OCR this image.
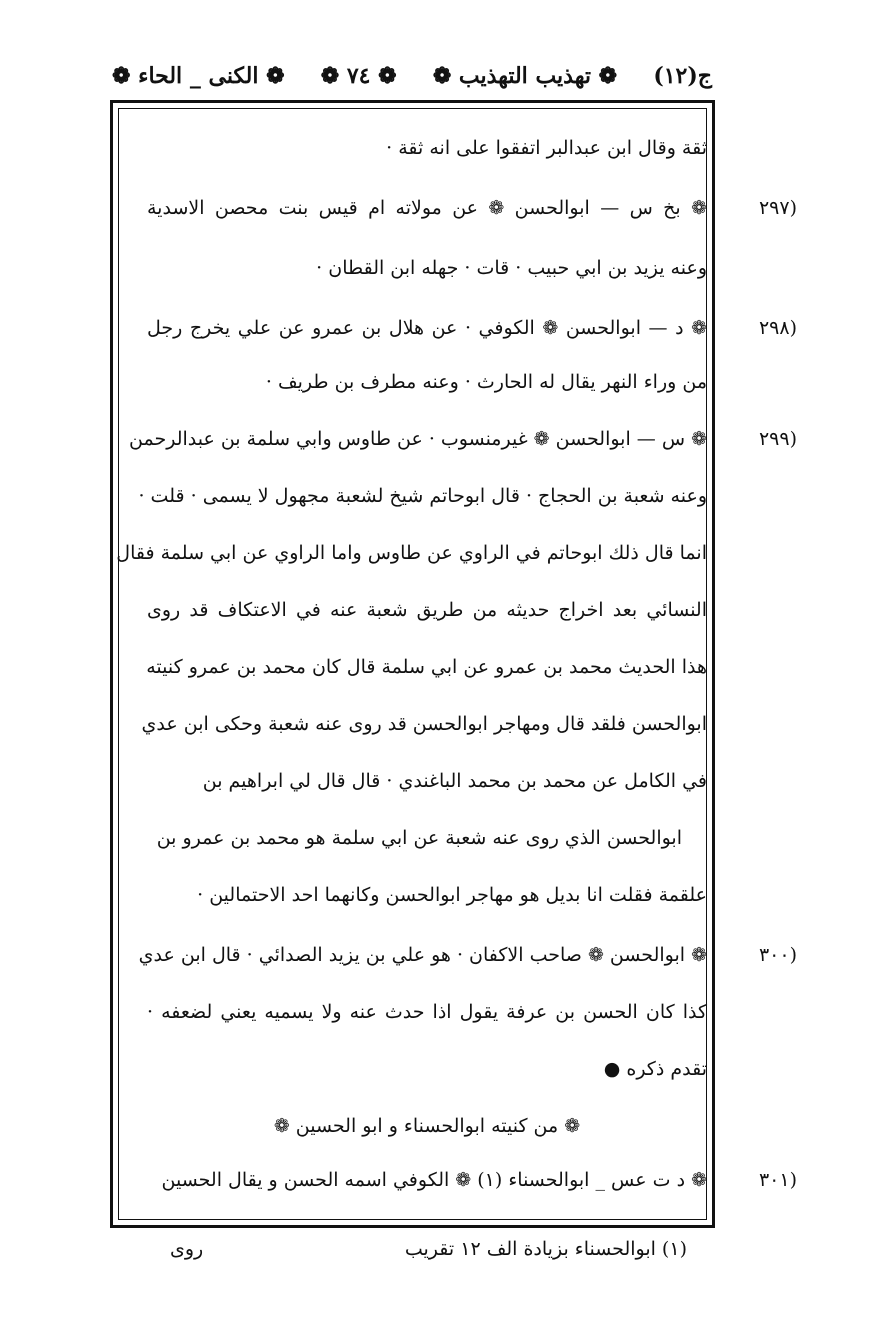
ج(١٢)
❁ تهذيب التهذيب ❁
❁ ٧٤ ❁
❁ الكنى _ الحاء ❁
ثقة وقال ابن عبدالبر اتفقوا على انه ثقة ·
❁ بخ س — ابوالحسن ❁ عن مولاته ام قيس بنت محصن الاسدية	(٢٩٧
وعنه يزيد بن ابي حبيب · قات · جهله ابن القطان ·
❁ د — ابوالحسن ❁ الكوفي · عن هلال بن عمرو عن علي يخرج رجل	(٢٩٨
من وراء النهر يقال له الحارث · وعنه مطرف بن طريف ·
❁ س — ابوالحسن ❁ غيرمنسوب · عن طاوس وابي سلمة بن عبدالرحمن	(٢٩٩
وعنه شعبة بن الحجاج · قال ابوحاتم شيخ لشعبة مجهول لا يسمى · قلت ·
انما قال ذلك ابوحاتم في الراوي عن طاوس واما الراوي عن ابي سلمة فقال
النسائي بعد اخراج حديثه من طريق شعبة عنه في الاعتكاف قد روى
هذا الحديث محمد بن عمرو عن ابي سلمة قال كان محمد بن عمرو كنيته
ابوالحسن فلقد قال ومهاجر ابوالحسن قد روى عنه شعبة وحكى ابن عدي
في الكامل عن محمد بن محمد الباغندي · قال قال لي ابراهيم بن
ابوالحسن الذي روى عنه شعبة عن ابي سلمة هو محمد بن عمرو بن
علقمة فقلت انا بديل هو مهاجر ابوالحسن وكانهما احد الاحتمالين ·
❁ ابوالحسن ❁ صاحب الاكفان · هو علي بن يزيد الصدائي · قال ابن عدي	(٣٠٠
كذا كان الحسن بن عرفة يقول اذا حدث عنه ولا يسميه يعني لضعفه ·
تقدم ذكره ●
❁ من كنيته ابوالحسناء و ابو الحسين ❁
❁ د ت عس _ ابوالحسناء (١) ❁ الكوفي اسمه الحسن و يقال الحسين	(٣٠١
(١) ابوالحسناء بزيادة الف ١٢ تقريب
روى
